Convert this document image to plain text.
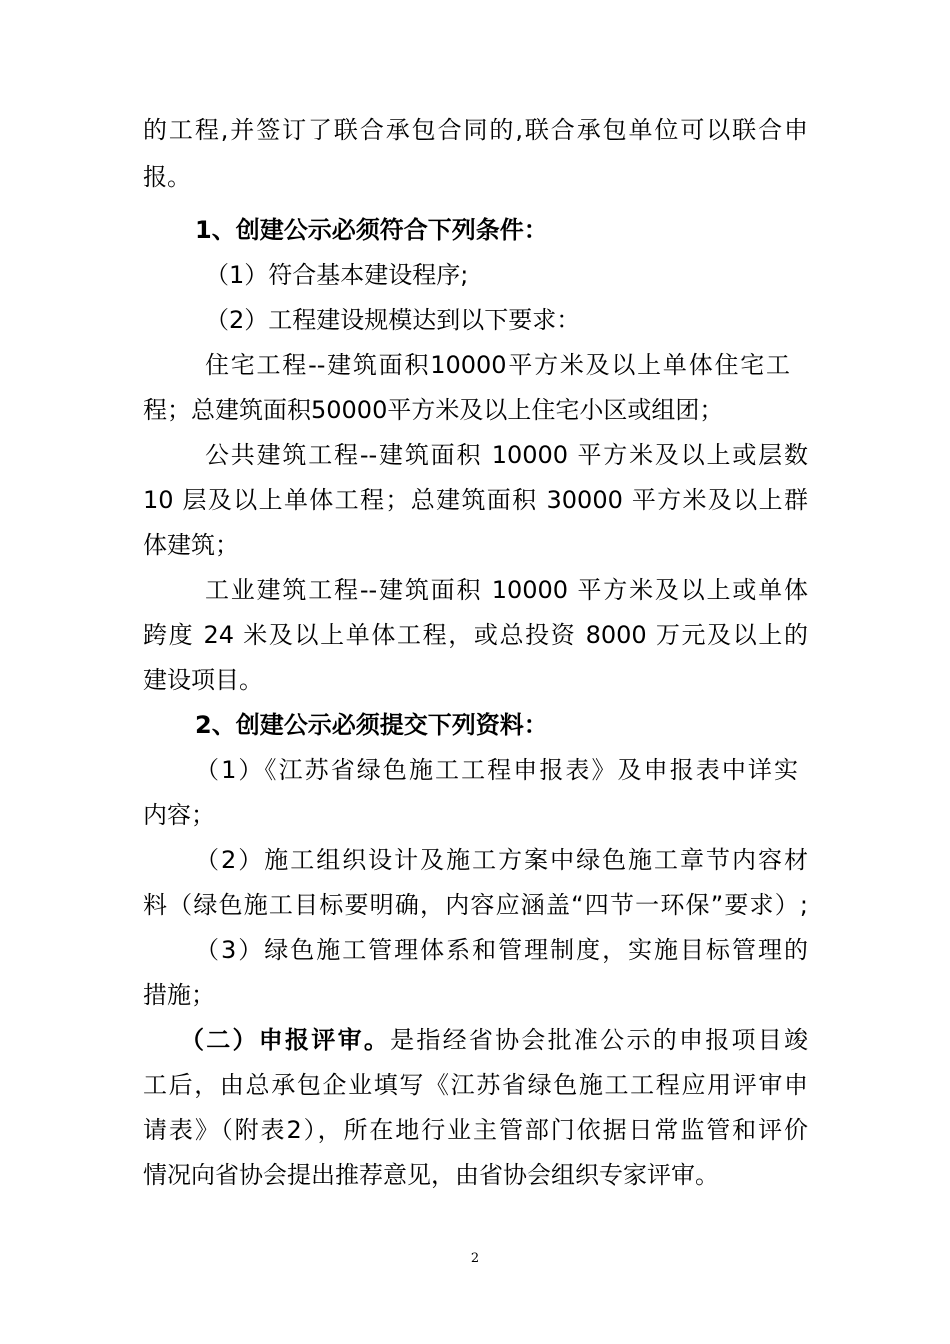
的工程,并签订了联合承包合同的,联合承包单位可以联合申
报。
1、创建公示必须符合下列条件：
（1）符合基本建设程序;
（2）工程建设规模达到以下要求：
住宅工程--建筑面积10000平方米及以上单体住宅工
程；总建筑面积50000平方米及以上住宅小区或组团；
公共建筑工程--建筑面积 10000 平方米及以上或层数
10 层及以上单体工程；总建筑面积 30000 平方米及以上群
体建筑；
工业建筑工程--建筑面积 10000 平方米及以上或单体
跨度 24 米及以上单体工程，或总投资 8000 万元及以上的
建设项目。
2、创建公示必须提交下列资料：
（1）《江苏省绿色施工工程申报表》及申报表中详实
内容；
（2）施工组织设计及施工方案中绿色施工章节内容材
料（绿色施工目标要明确，内容应涵盖“四节一环保”要求）;
（3）绿色施工管理体系和管理制度，实施目标管理的
措施；
（二）申报评审。是指经省协会批准公示的申报项目竣
工后，由总承包企业填写《江苏省绿色施工工程应用评审申
请表》（附表2），所在地行业主管部门依据日常监管和评价
情况向省协会提出推荐意见，由省协会组织专家评审。
2
